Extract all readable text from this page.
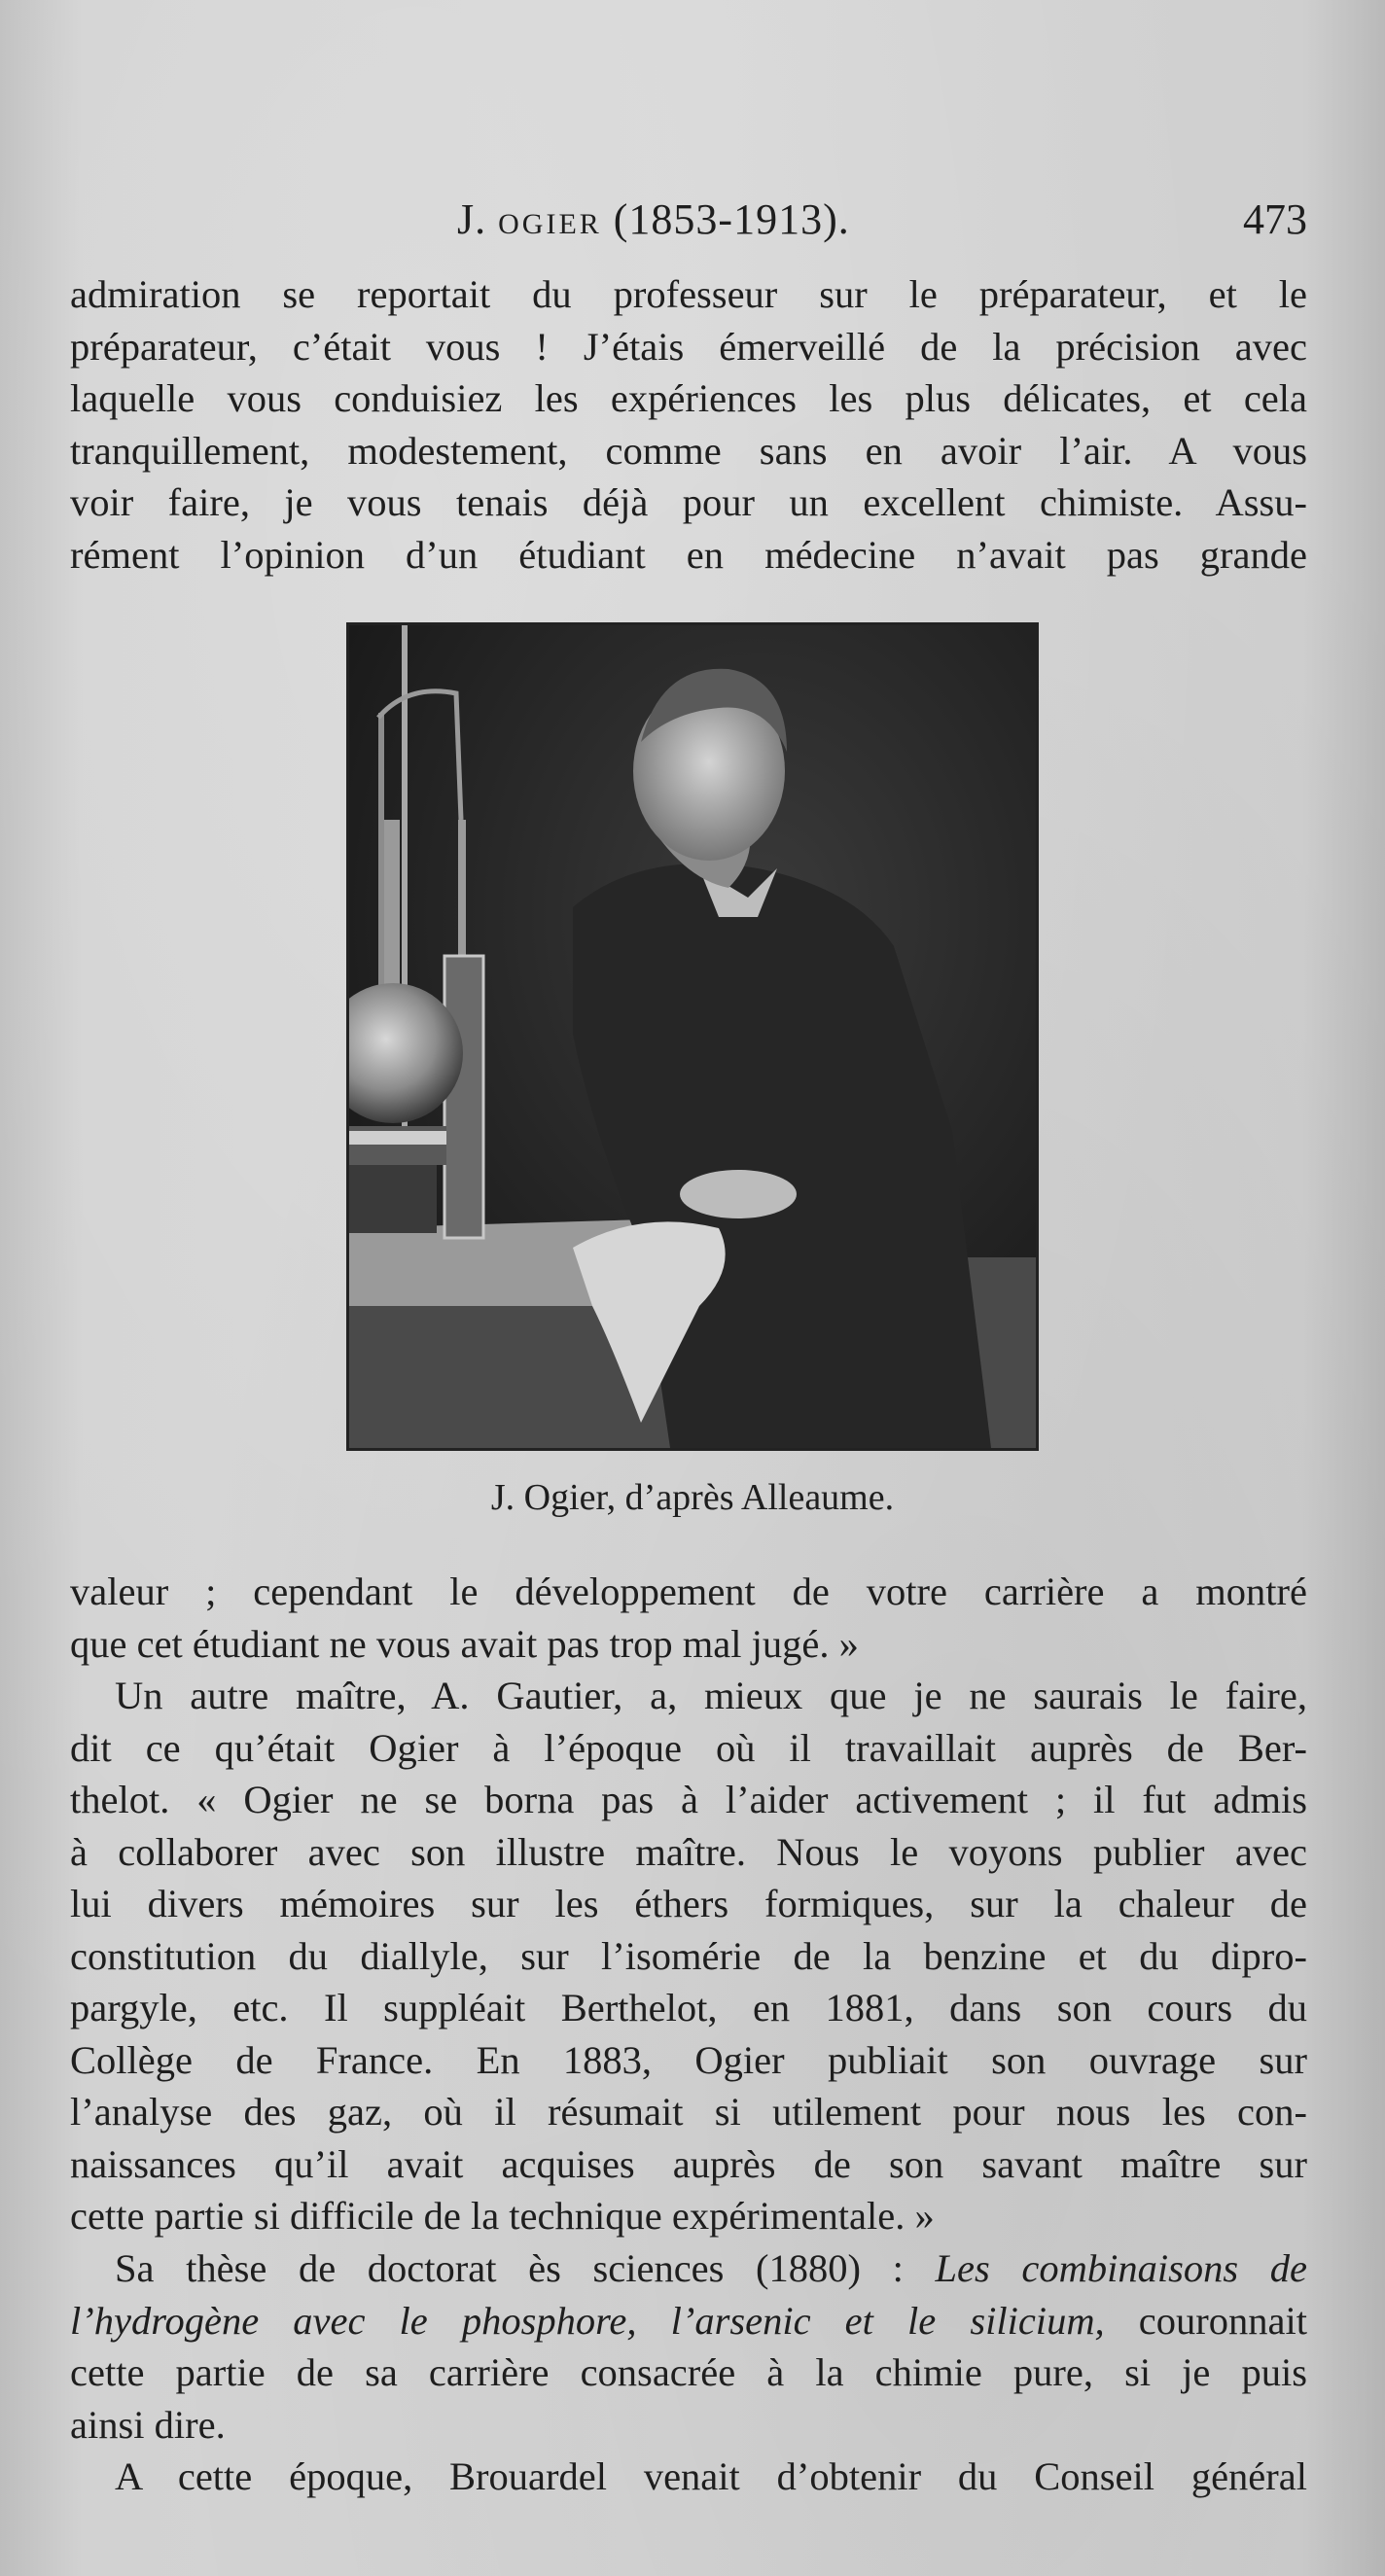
J. OGIER (1853-1913).	473

admiration se reportait du professeur sur le préparateur, et le
préparateur, c’était vous ! J’étais émerveillé de la précision avec
laquelle vous conduisiez les expériences les plus délicates, et cela
tranquillement, modestement, comme sans en avoir l’air. A vous
voir faire, je vous tenais déjà pour un excellent chimiste. Assu-
rément l’opinion d’un étudiant en médecine n’avait pas grande

J. Ogier, d’après Alleaume.

valeur ; cependant le développement de votre carrière a montré
que cet étudiant ne vous avait pas trop mal jugé. »

Un autre maître, A. Gautier, a, mieux que je ne saurais le faire,
dit ce qu’était Ogier à l’époque où il travaillait auprès de Ber-
thelot. « Ogier ne se borna pas à l’aider activement ; il fut admis
à collaborer avec son illustre maître. Nous le voyons publier avec
lui divers mémoires sur les éthers formiques, sur la chaleur de
constitution du diallyle, sur l’isomérie de la benzine et du dipro-
pargyle, etc. Il suppléait Berthelot, en 1881, dans son cours du
Collège de France. En 1883, Ogier publiait son ouvrage sur
l’analyse des gaz, où il résumait si utilement pour nous les con-
naissances qu’il avait acquises auprès de son savant maître sur
cette partie si difficile de la technique expérimentale. »

Sa thèse de doctorat ès sciences (1880) : Les combinaisons de
l’hydrogène avec le phosphore, l’arsenic et le silicium, couronnait
cette partie de sa carrière consacrée à la chimie pure, si je puis
ainsi dire.

A cette époque, Brouardel venait d’obtenir du Conseil général
